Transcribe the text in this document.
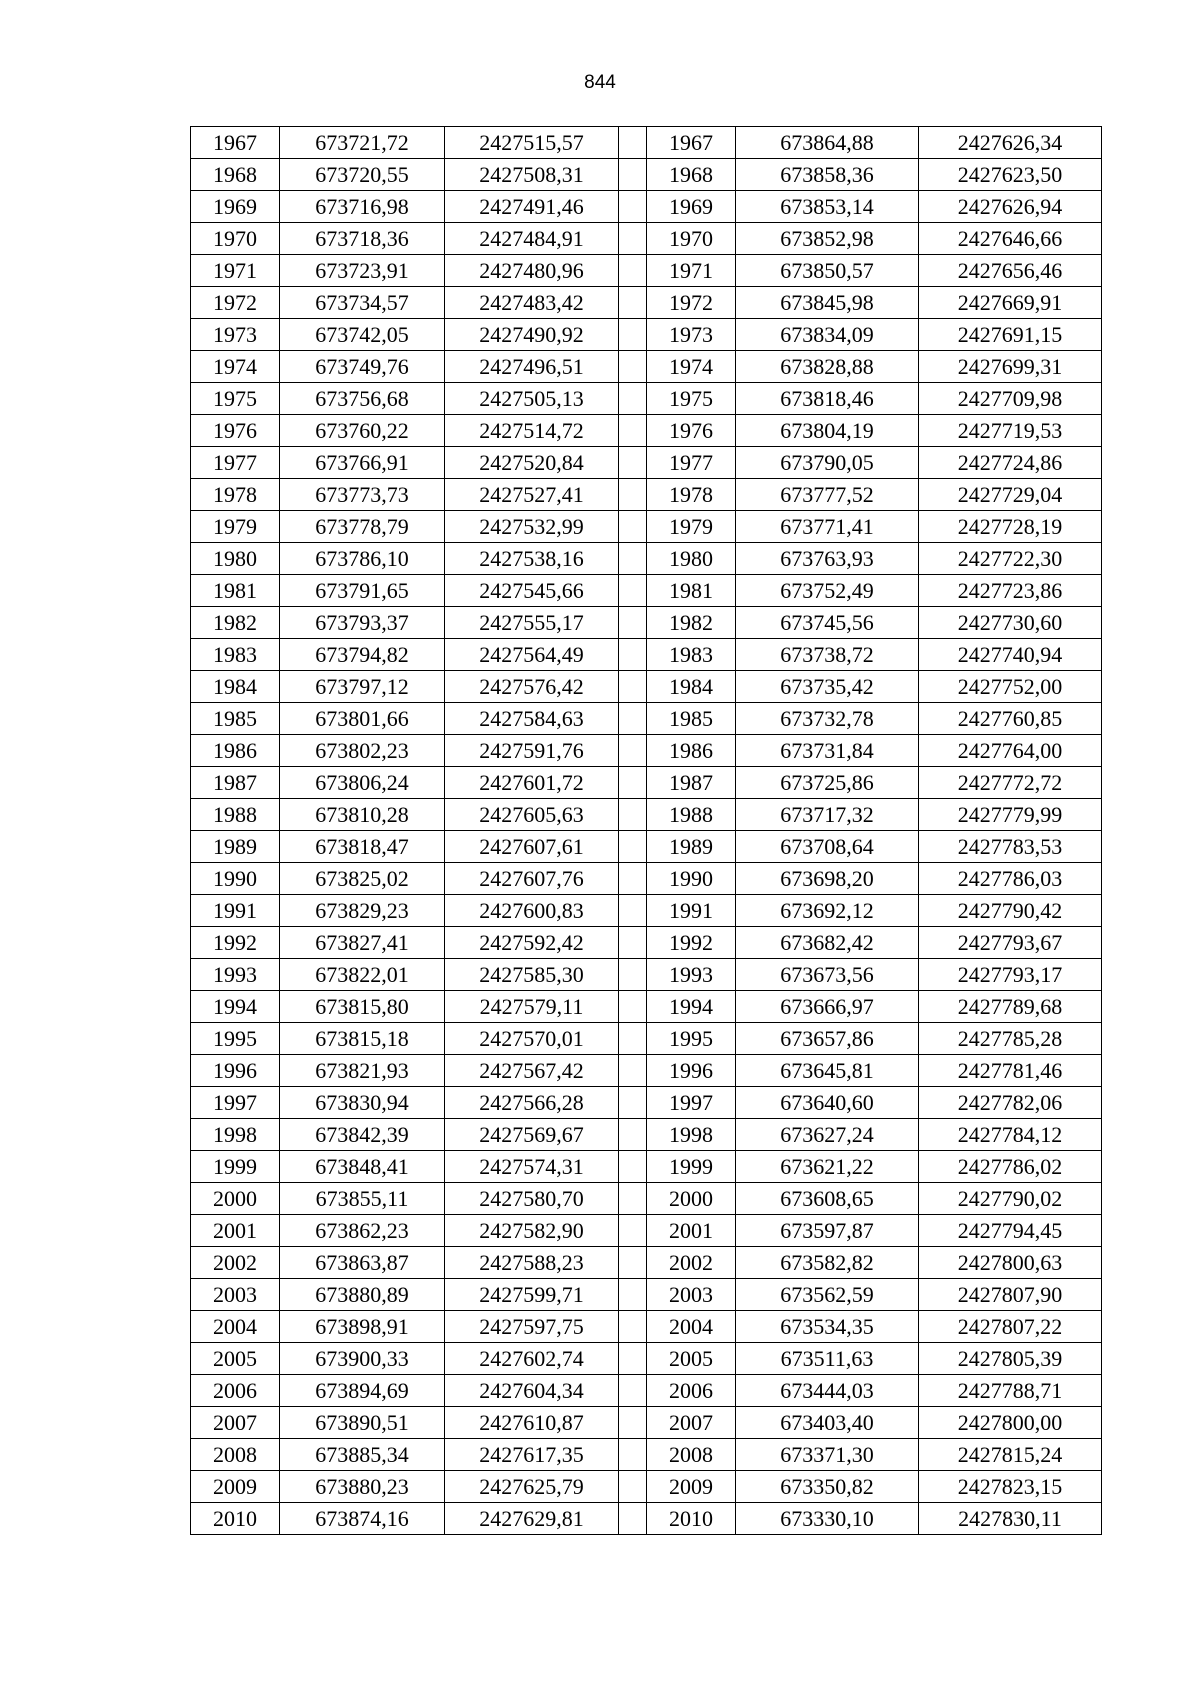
844
1967	673721,72	2427515,57		1967	673864,88	2427626,34
1968	673720,55	2427508,31		1968	673858,36	2427623,50
1969	673716,98	2427491,46		1969	673853,14	2427626,94
1970	673718,36	2427484,91		1970	673852,98	2427646,66
1971	673723,91	2427480,96		1971	673850,57	2427656,46
1972	673734,57	2427483,42		1972	673845,98	2427669,91
1973	673742,05	2427490,92		1973	673834,09	2427691,15
1974	673749,76	2427496,51		1974	673828,88	2427699,31
1975	673756,68	2427505,13		1975	673818,46	2427709,98
1976	673760,22	2427514,72		1976	673804,19	2427719,53
1977	673766,91	2427520,84		1977	673790,05	2427724,86
1978	673773,73	2427527,41		1978	673777,52	2427729,04
1979	673778,79	2427532,99		1979	673771,41	2427728,19
1980	673786,10	2427538,16		1980	673763,93	2427722,30
1981	673791,65	2427545,66		1981	673752,49	2427723,86
1982	673793,37	2427555,17		1982	673745,56	2427730,60
1983	673794,82	2427564,49		1983	673738,72	2427740,94
1984	673797,12	2427576,42		1984	673735,42	2427752,00
1985	673801,66	2427584,63		1985	673732,78	2427760,85
1986	673802,23	2427591,76		1986	673731,84	2427764,00
1987	673806,24	2427601,72		1987	673725,86	2427772,72
1988	673810,28	2427605,63		1988	673717,32	2427779,99
1989	673818,47	2427607,61		1989	673708,64	2427783,53
1990	673825,02	2427607,76		1990	673698,20	2427786,03
1991	673829,23	2427600,83		1991	673692,12	2427790,42
1992	673827,41	2427592,42		1992	673682,42	2427793,67
1993	673822,01	2427585,30		1993	673673,56	2427793,17
1994	673815,80	2427579,11		1994	673666,97	2427789,68
1995	673815,18	2427570,01		1995	673657,86	2427785,28
1996	673821,93	2427567,42		1996	673645,81	2427781,46
1997	673830,94	2427566,28		1997	673640,60	2427782,06
1998	673842,39	2427569,67		1998	673627,24	2427784,12
1999	673848,41	2427574,31		1999	673621,22	2427786,02
2000	673855,11	2427580,70		2000	673608,65	2427790,02
2001	673862,23	2427582,90		2001	673597,87	2427794,45
2002	673863,87	2427588,23		2002	673582,82	2427800,63
2003	673880,89	2427599,71		2003	673562,59	2427807,90
2004	673898,91	2427597,75		2004	673534,35	2427807,22
2005	673900,33	2427602,74		2005	673511,63	2427805,39
2006	673894,69	2427604,34		2006	673444,03	2427788,71
2007	673890,51	2427610,87		2007	673403,40	2427800,00
2008	673885,34	2427617,35		2008	673371,30	2427815,24
2009	673880,23	2427625,79		2009	673350,82	2427823,15
2010	673874,16	2427629,81		2010	673330,10	2427830,11
